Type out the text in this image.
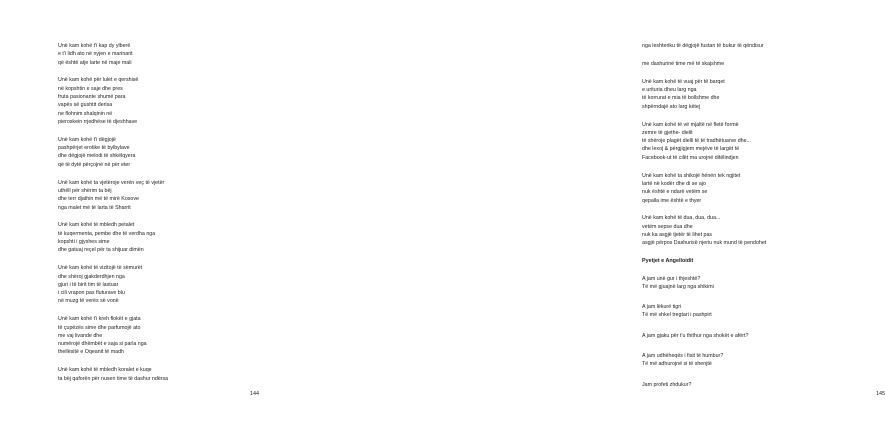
Unë kam kohë t'i kap dy ylberë
e t'i lidh ato në nyjen e marinarit
që është atje larte në maje mali
Unë kam kohë për lulet e qershisë
në kopshtin e saje dhe pres
fruta pasionante shumë para
vapës së gushtit derisa
ne flohnim shalqinin në
pieroskein rrjedhëse të djeshhave
Unë kam kohë t'i dëgjojë
pashpërjet erotike të bylbylave
dhe dëgjojë melodi të shkëlqyera
që të dytë përçojnë në për eter
Unë kam kohë ta vjetëroje verën veç të vjetër
uthëll për shërim ta bëj
dhe terr djathin më të mirë Kosove
nga malet më të larta të Sharrit
Unë kam kohë të mbledh petalet
të kuqermenta, pembe dhe të verdha nga
kopshti i gjyshes sime
dhe gatuaj reçel për ta shijuar dimën
Unë kam kohë të vizitojë të sëmurët
dhe shëroj gjakderdhjen nga
gjuri i të birit tim të lastuar
i cili vrapon pas fluturave blu
në muzg të verës së vonë
Unë kam kohë t'i kreh flokët e gjata
të çupëzës sime dhe parfumojë ato
me vaj livande dhe
numërojë dhëmbët e saja si parla nga
thellësitë e Oqeanit të madh
Unë kam kohë të mbledh koralet e kuqe
ta bëj qaforën për nusen time të dashur ndërsa
144
nga leshteriku të dëgjojë fustan të bukur të qëndisur
me dashurinë time më të skajshme
Unë kam kohë të vuaj për të barqet
e urituria dheu larg nga
të korrurat e mia të bollshme dhe
shpërndajë ato larg këtej
Unë kam kohë të vë mjaltë në fletë formë
zemre të gjethe- dielit
të shëroje plagët dielli të të tradhëtuarve dhe...
dhe lexoj & përgjigjem mejëve të largët të
Facebook-ut të cilët ma urojnë ditëlindjen
Unë kam kohë ta shikojë hënën tek ngjitet
lartë në kodër dhe di se ajo
nuk është e ndarë vetëm se
qepalla ime është e thyer
Unë kam kohë të dua, dua, dua...
vetëm sepse dua dhe
nuk ka asgjë tjetër të lihet pas
asgjë përpos Dashurisë njeriu nuk mund të pendohet
Pyetjet e Angelloidit
A jam unë gur i thjeshtë?
Të më gjuajnë larg nga shikimi
A jam lëkurë tigri
Të më shkel tregtari i pashpirt
A jam gjaku për t'u thithur nga shokët e afërt?
A jam udhëheqës i fisit të humbur?
Të më adhurojnë si të shenjtë
Jam profeti zhdukur?
145
